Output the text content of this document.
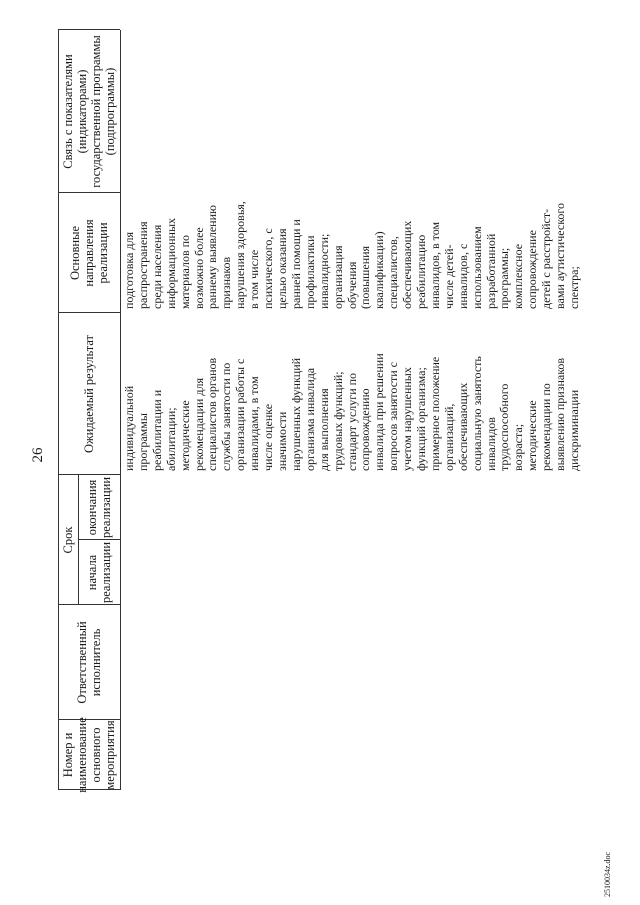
26
Номер и наименование
основного мероприятия
Ответственный
исполнитель
Срок
начала
реализации
окончания
реализации
Ожидаемый результат
Основные
направления
реализации
Связь с показателями
(индикаторами)
государственной программы
(подпрограммы)
индивидуальной
программы
реабилитации и
абилитации;
методические
рекомендации для
специалистов органов
службы занятости по
организации работы с
инвалидами, в том
числе оценке
значимости
нарушенных функций
организма инвалида
для выполнения
трудовых функций;
стандарт услуги по
сопровождению
инвалида при решении
вопросов занятости с
учетом нарушенных
функций организма;
примерное положение
организаций,
обеспечивающих
социальную занятость
инвалидов
трудоспособного
возраста;
методические
рекомендации по
выявлению признаков
дискриминации
подготовка для
распространения
среди населения
информационных
материалов по
возможно более
раннему выявлению
признаков
нарушения здоровья,
в том числе
психического, с
целью оказания
ранней помощи и
профилактики
инвалидности;
организация
обучения
(повышения
квалификации)
специалистов,
обеспечивающих
реабилитацию
инвалидов, в том
числе детей-
инвалидов, с
использованием
разработанной
программы;
комплексное
сопровождение
детей с расстройст-
вами аутистического
спектра;
2510034z.doc
